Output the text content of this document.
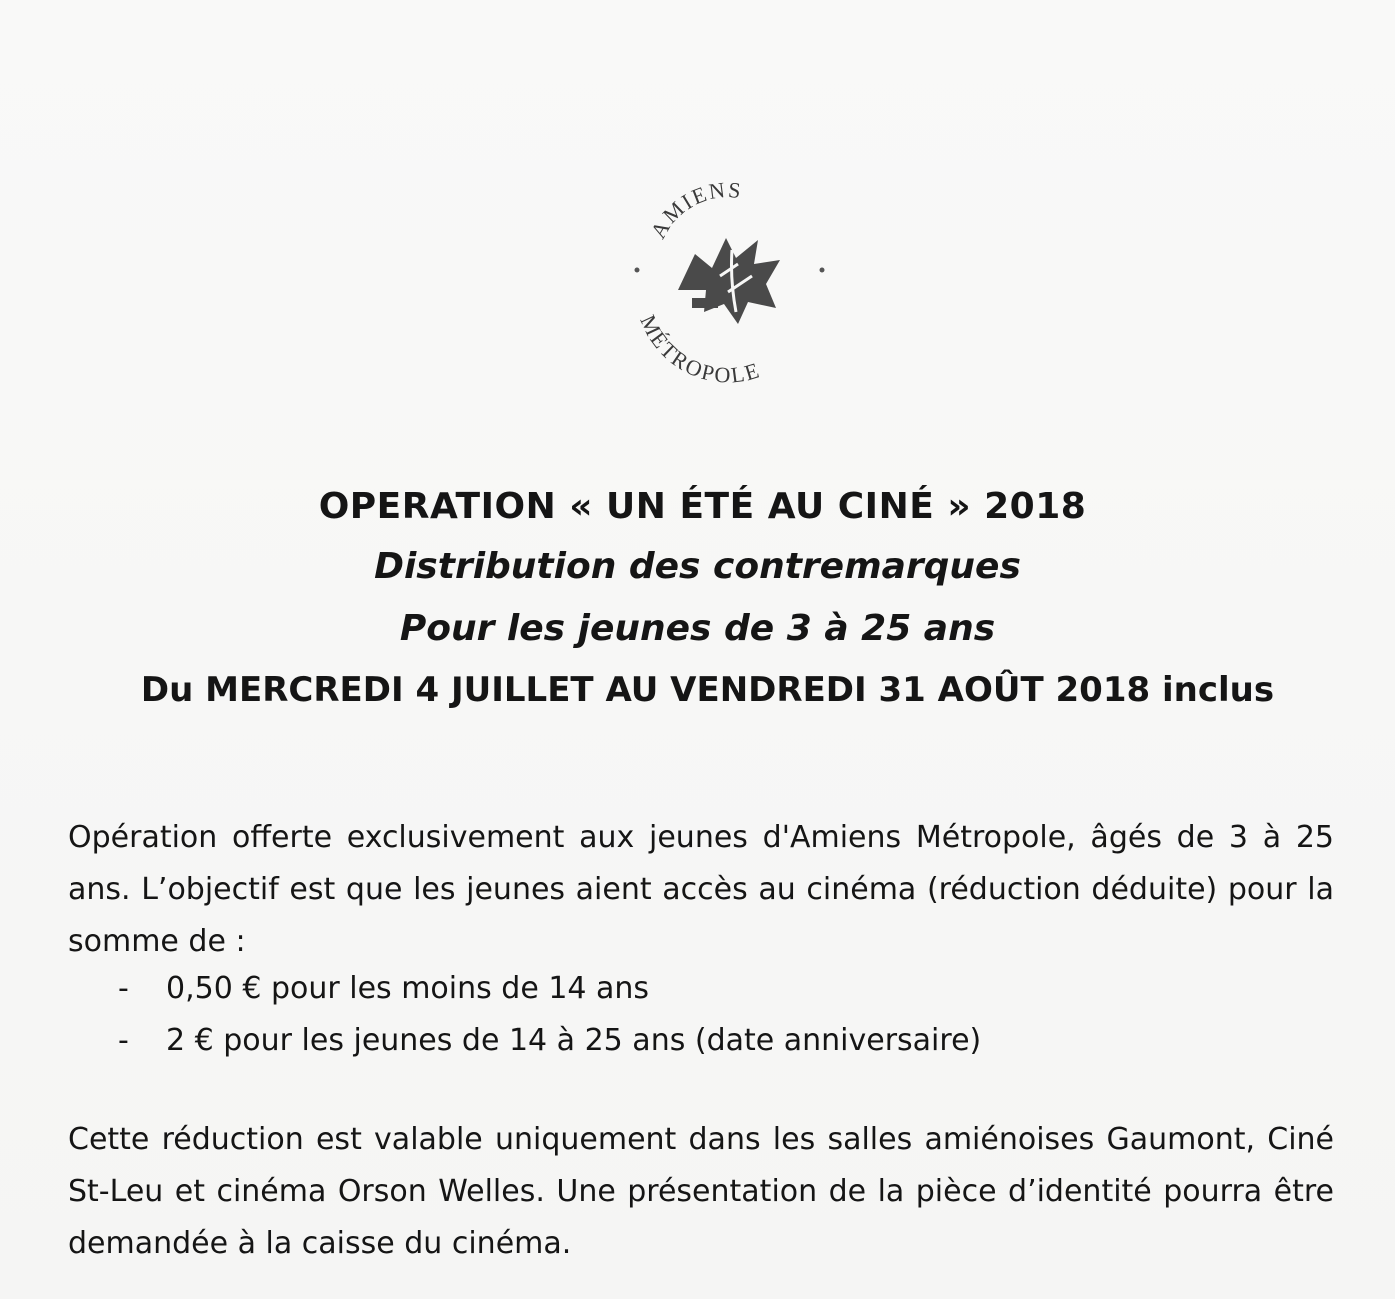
AMIENS
MÉTROPOLE
OPERATION « UN ÉTÉ AU CINÉ » 2018
Distribution des contremarques
Pour les jeunes de 3 à 25 ans
Du MERCREDI 4 JUILLET AU VENDREDI 31 AOÛT 2018 inclus
Opération offerte exclusivement aux jeunes d'Amiens Métropole, âgés de 3 à 25 ans. L’objectif est que les jeunes aient accès au cinéma (réduction déduite) pour la somme de :
-	0,50 € pour les moins de 14 ans
-	2 € pour les jeunes de 14 à 25 ans (date anniversaire)
Cette réduction est valable uniquement dans les salles amiénoises Gaumont, Ciné St-Leu et cinéma Orson Welles. Une présentation de la pièce d’identité pourra être demandée à la caisse du cinéma.
